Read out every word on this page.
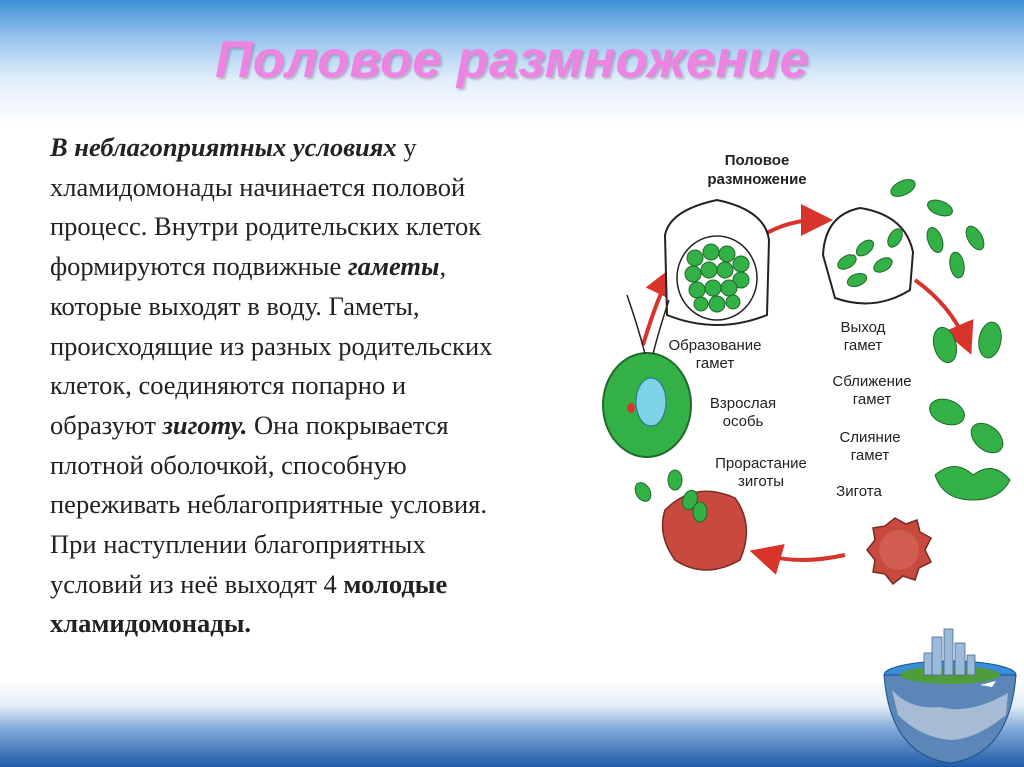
Половое размножение
В неблагоприятных условиях у
хламидомонады начинается половой
процесс. Внутри родительских клеток
формируются подвижные гаметы,
которые выходят в воду. Гаметы,
происходящие из разных родительских
клеток, соединяются попарно и
образуют зиготу. Она покрывается
плотной оболочкой, способную
переживать неблагоприятные условия.
При наступлении благоприятных
условий из неё выходят 4 молодые
хламидомонады.
Половое
размножение
Образование
гамет
Выход
гамет
Взрослая
особь
Сближение
гамет
Слияние
гамет
Прорастание
зиготы
Зигота
